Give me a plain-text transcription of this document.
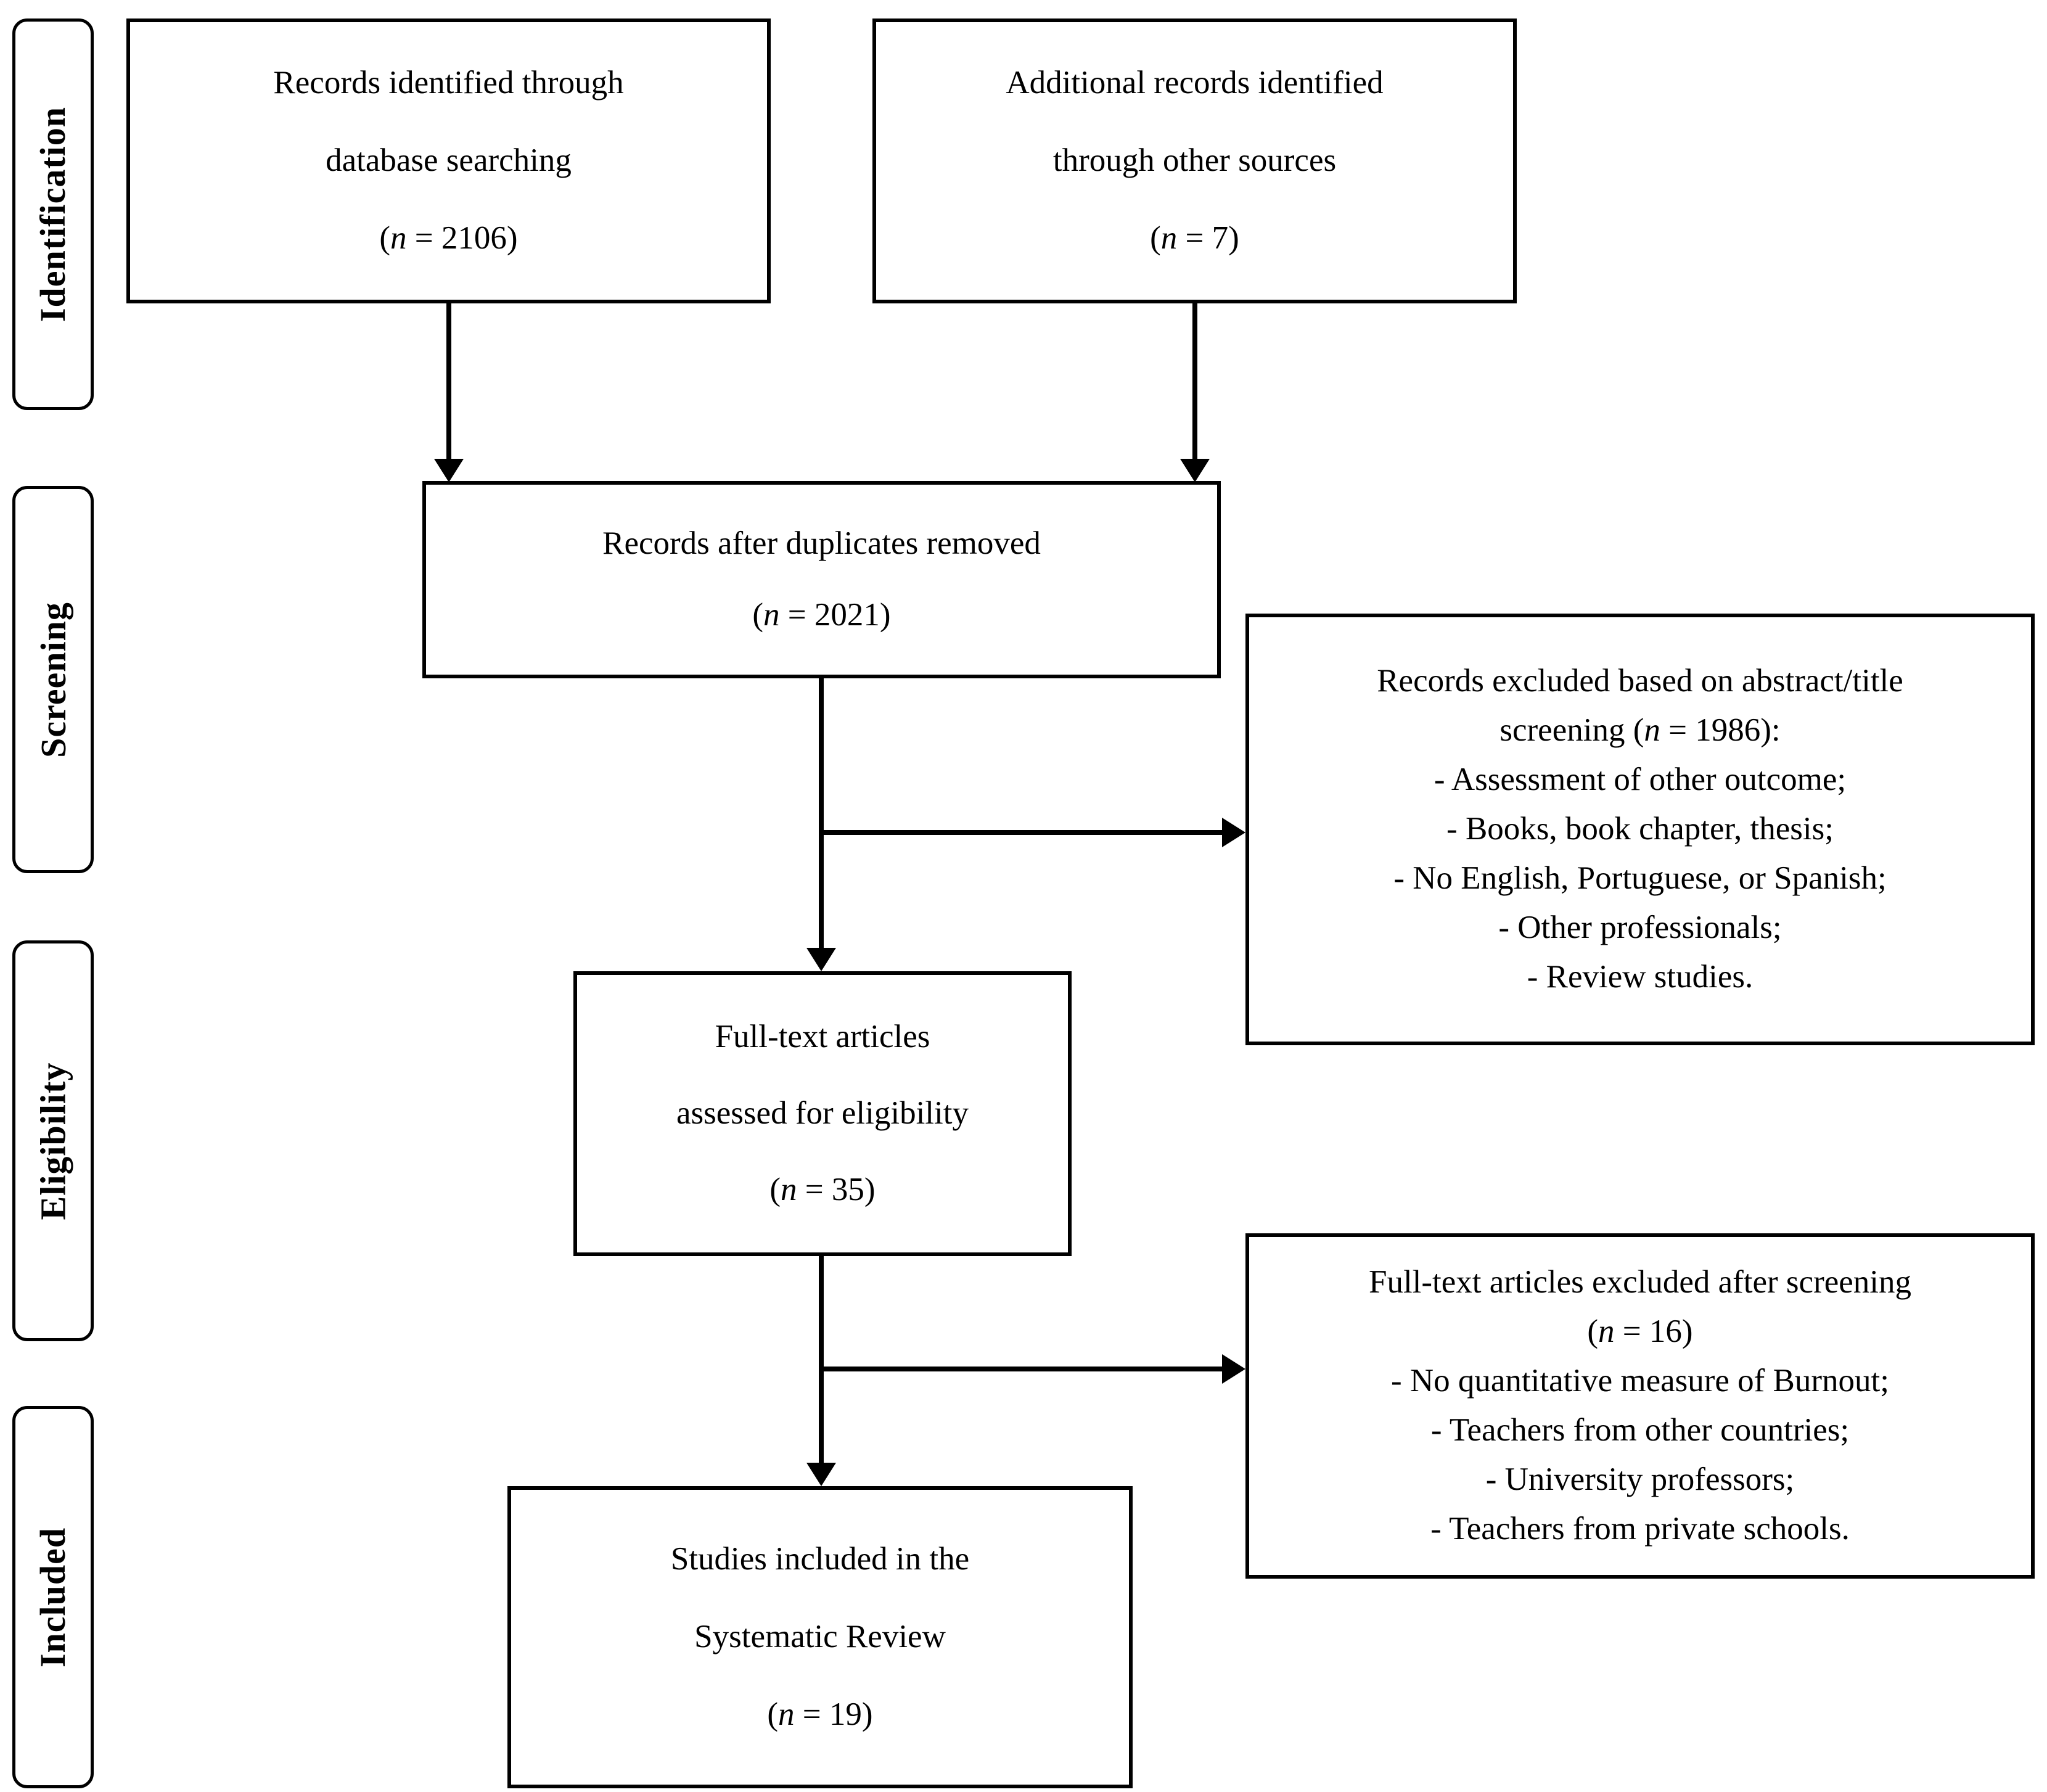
Identification
Screening
Eligibility
Included
Records identified through
database searching
(n = 2106)
Additional records identified
through other sources
(n = 7)
Records after duplicates removed
(n = 2021)
Records excluded based on abstract/title
screening (n = 1986):
- Assessment of other outcome;
- Books, book chapter, thesis;
- No English, Portuguese, or Spanish;
- Other professionals;
- Review studies.
Full-text articles
assessed for eligibility
(n = 35)
Full-text articles excluded after screening
(n = 16)
- No quantitative measure of Burnout;
- Teachers from other countries;
- University professors;
- Teachers from private schools.
Studies included in the
Systematic Review
(n = 19)
